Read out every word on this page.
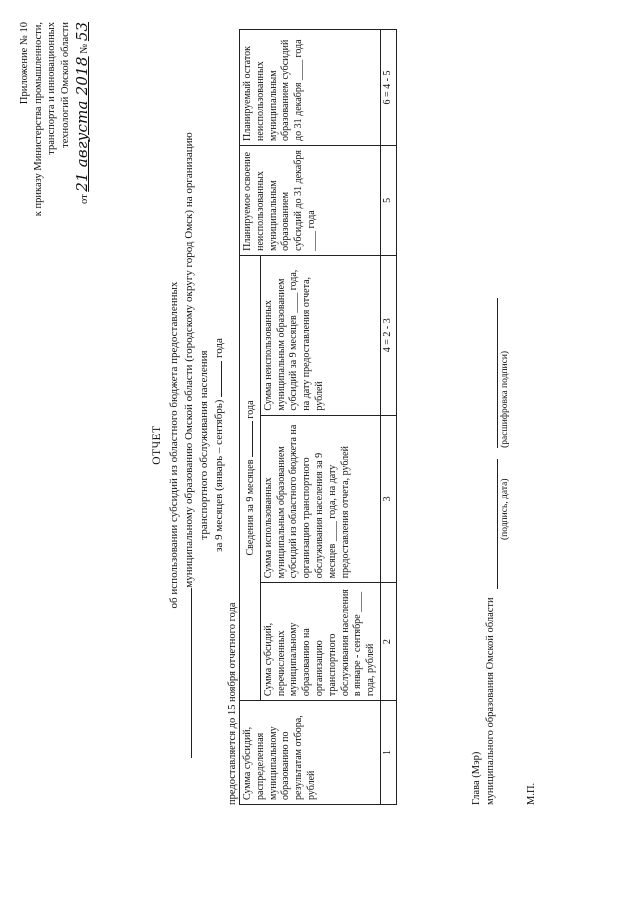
Приложение № 10 к приказу Министерства промышленности, транспорта и инновационных технологий Омской области
от 21 августа 2018 № 53
ОТЧЕТ об использовании субсидий из областного бюджета предоставленных муниципальному образованию Омской области (городскому округу город Омск) на организацию транспортного обслуживания населения за 9 месяцев (январь – сентябрь)  года
предоставляется до 15 ноября отчетного года Сумма субсидий, распределенная муниципальному образованию по результатам отбора, рублей	Сведения за 9 месяцев  года			Планируемое освоение неиспользованных муниципальным образованием субсидий до 31 декабря ____ года	Планируемый остаток неиспользованных муниципальным образованием субсидий до 31 декабря ____ года
	Сумма субсидий, перечисленных муниципальному образованию на организацию транспортного обслуживания населения в январе - сентябре ____ года, рублей	Сумма использованных муниципальным образованием субсидий из областного бюджета на организацию транспортного обслуживания населения за 9 месяцев ____ года, на дату предоставления отчета, рублей	Сумма неиспользованных муниципальным образованием субсидий за 9 месяцев ____ года, на дату предоставления отчета, рублей		
1	2	3	4 = 2 - 3	5	6 = 4 - 5
Глава (Мэр) муниципального образования Омской области
(подпись, дата) (расшифровка подписи)
М.П.
